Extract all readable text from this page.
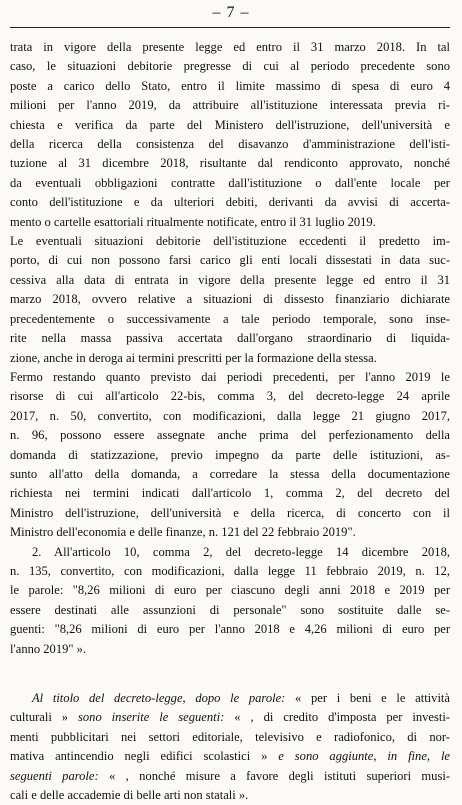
– 7 –
trata in vigore della presente legge ed entro il 31 marzo 2018. In tal
caso, le situazioni debitorie pregresse di cui al periodo precedente sono
poste a carico dello Stato, entro il limite massimo di spesa di euro 4
milioni per l'anno 2019, da attribuire all'istituzione interessata previa ri-
chiesta e verifica da parte del Ministero dell'istruzione, dell'università e
della ricerca della consistenza del disavanzo d'amministrazione dell'isti-
tuzione al 31 dicembre 2018, risultante dal rendiconto approvato, nonché
da eventuali obbligazioni contratte dall'istituzione o dall'ente locale per
conto dell'istituzione e da ulteriori debiti, derivanti da avvisi di accerta-
mento o cartelle esattoriali ritualmente notificate, entro il 31 luglio 2019.
Le eventuali situazioni debitorie dell'istituzione eccedenti il predetto im-
porto, di cui non possono farsi carico gli enti locali dissestati in data suc-
cessiva alla data di entrata in vigore della presente legge ed entro il 31
marzo 2018, ovvero relative a situazioni di dissesto finanziario dichiarate
precedentemente o successivamente a tale periodo temporale, sono inse-
rite nella massa passiva accertata dall'organo straordinario di liquida-
zione, anche in deroga ai termini prescritti per la formazione della stessa.
Fermo restando quanto previsto dai periodi precedenti, per l'anno 2019 le
risorse di cui all'articolo 22-bis, comma 3, del decreto-legge 24 aprile
2017, n. 50, convertito, con modificazioni, dalla legge 21 giugno 2017,
n. 96, possono essere assegnate anche prima del perfezionamento della
domanda di statizzazione, previo impegno da parte delle istituzioni, as-
sunto all'atto della domanda, a corredare la stessa della documentazione
richiesta nei termini indicati dall'articolo 1, comma 2, del decreto del
Ministro dell'istruzione, dell'università e della ricerca, di concerto con il
Ministro dell'economia e delle finanze, n. 121 del 22 febbraio 2019".
2. All'articolo 10, comma 2, del decreto-legge 14 dicembre 2018,
n. 135, convertito, con modificazioni, dalla legge 11 febbraio 2019, n. 12,
le parole: "8,26 milioni di euro per ciascuno degli anni 2018 e 2019 per
essere destinati alle assunzioni di personale" sono sostituite dalle se-
guenti: "8,26 milioni di euro per l'anno 2018 e 4,26 milioni di euro per
l'anno 2019" ».
Al titolo del decreto-legge, dopo le parole: « per i beni e le attività
culturali » sono inserite le seguenti: « , di credito d'imposta per investi-
menti pubblicitari nei settori editoriale, televisivo e radiofonico, di nor-
mativa antincendio negli edifici scolastici » e sono aggiunte, in fine, le
seguenti parole: « , nonché misure a favore degli istituti superiori musi-
cali e delle accademie di belle arti non statali ».
